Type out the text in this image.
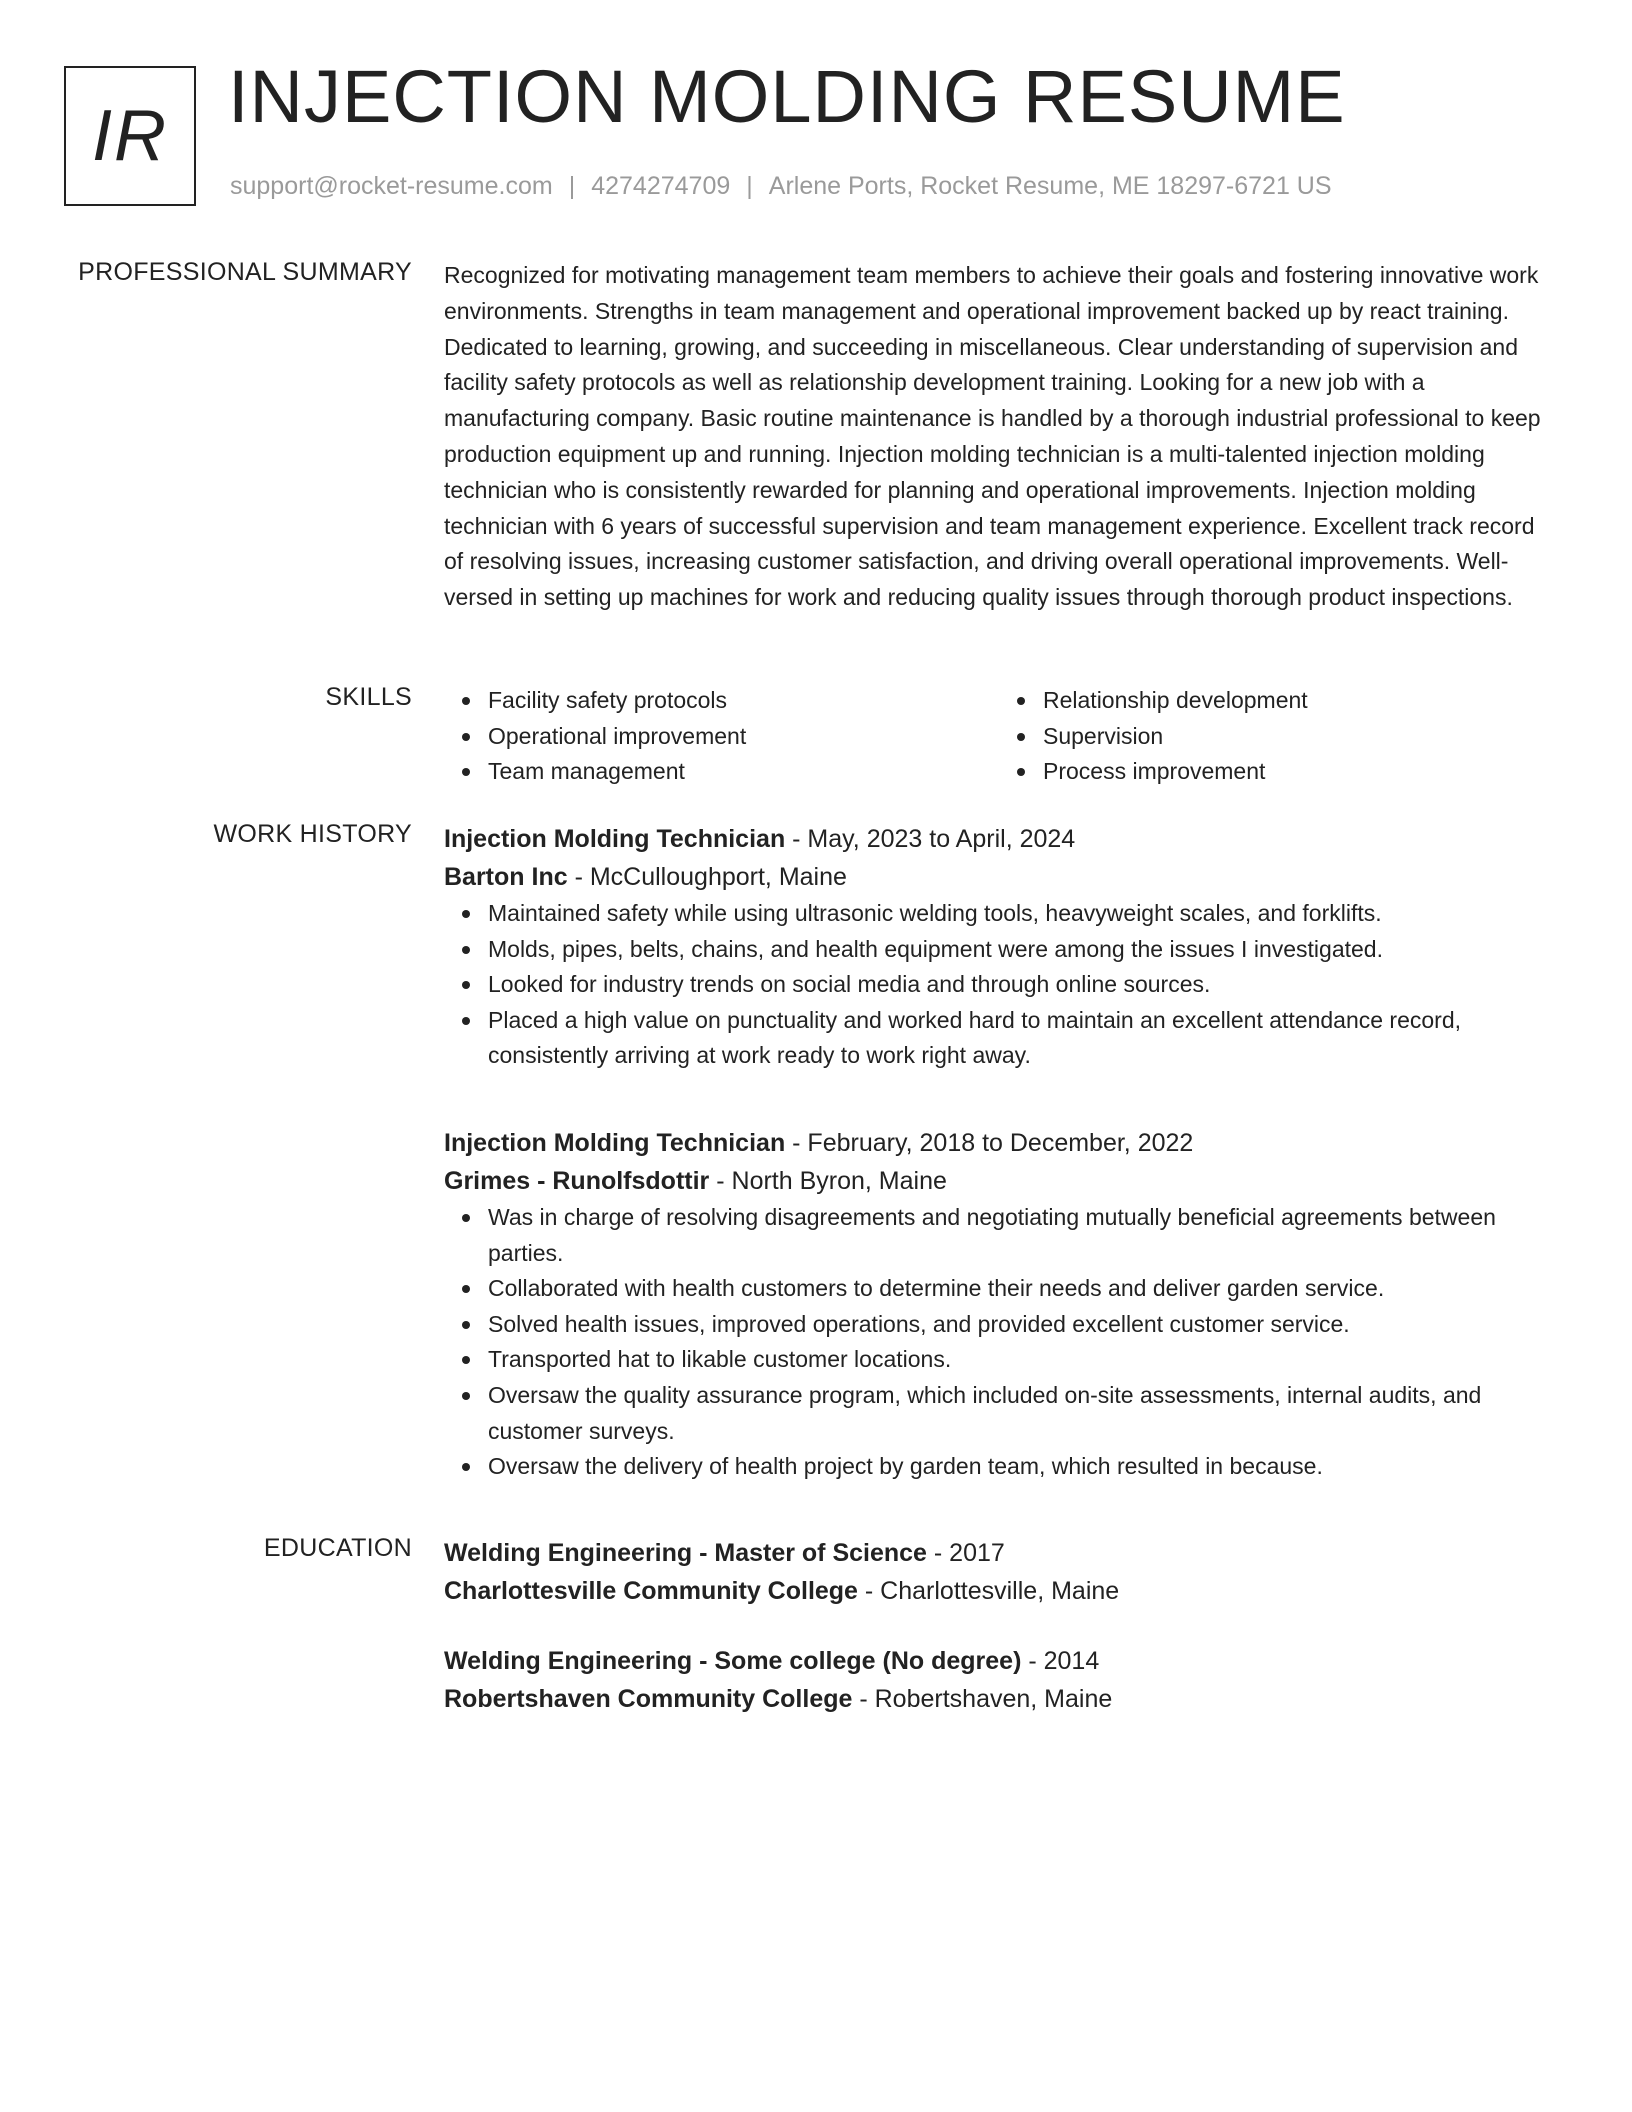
IR INJECTION MOLDING RESUME
support@rocket-resume.com | 4274274709 | Arlene Ports, Rocket Resume, ME 18297-6721 US
PROFESSIONAL SUMMARY Recognized for motivating management team members to achieve their goals and fostering innovative work environments. Strengths in team management and operational improvement backed up by react training. Dedicated to learning, growing, and succeeding in miscellaneous. Clear understanding of supervision and facility safety protocols as well as relationship development training. Looking for a new job with a manufacturing company. Basic routine maintenance is handled by a thorough industrial professional to keep production equipment up and running. Injection molding technician is a multi-talented injection molding technician who is consistently rewarded for planning and operational improvements. Injection molding technician with 6 years of successful supervision and team management experience. Excellent track record of resolving issues, increasing customer satisfaction, and driving overall operational improvements. Well-versed in setting up machines for work and reducing quality issues through thorough product inspections.

SKILLS	Facility safety protocols
Operational improvement
Team management
Relationship development
Supervision
Process improvement
WORK HISTORY Injection Molding Technician - May, 2023 to April, 2024
Barton Inc - McCulloughport, Maine
Maintained safety while using ultrasonic welding tools, heavyweight scales, and forklifts.
Molds, pipes, belts, chains, and health equipment were among the issues I investigated.
Looked for industry trends on social media and through online sources.
Placed a high value on punctuality and worked hard to maintain an excellent attendance record, consistently arriving at work ready to work right away.
Injection Molding Technician - February, 2018 to December, 2022
Grimes - Runolfsdottir - North Byron, Maine
Was in charge of resolving disagreements and negotiating mutually beneficial agreements between parties.
Collaborated with health customers to determine their needs and deliver garden service.
Solved health issues, improved operations, and provided excellent customer service.
Transported hat to likable customer locations.
Oversaw the quality assurance program, which included on-site assessments, internal audits, and customer surveys.
Oversaw the delivery of health project by garden team, which resulted in because.
EDUCATION Welding Engineering - Master of Science - 2017
Charlottesville Community College - Charlottesville, Maine
Welding Engineering - Some college (No degree) - 2014
Robertshaven Community College - Robertshaven, Maine
